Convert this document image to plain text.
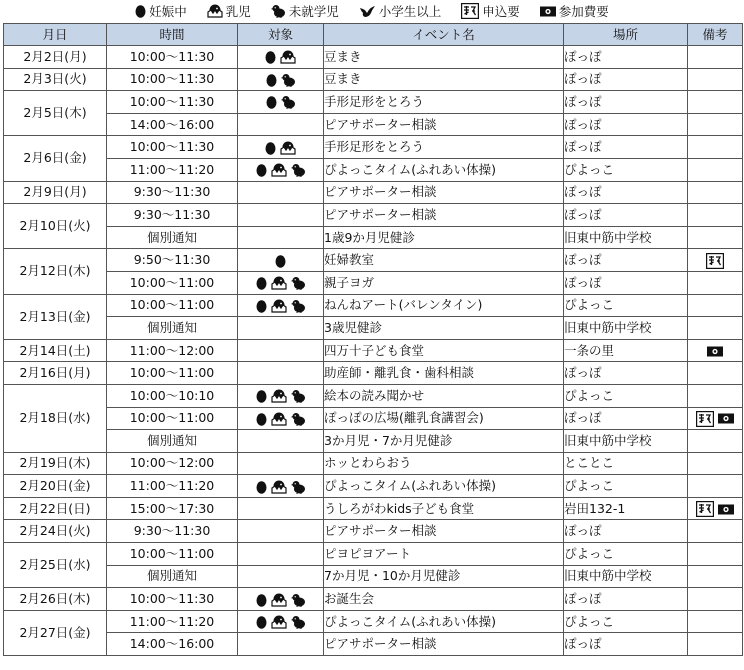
妊娠中	乳児	未就学児	小学生以上	申込要	参加費要
月日	時間	対象	イベント名	場所	備考
2月2日(月)	10:00～11:30		豆まき	ぽっぽ	
2月3日(火)	10:00～11:30		豆まき	ぽっぽ	
2月5日(木)	10:00～11:30		手形足形をとろう	ぽっぽ	
	14:00～16:00		ピアサポーター相談	ぽっぽ	
2月6日(金)	10:00～11:30		手形足形をとろう	ぽっぽ	
	11:00～11:20		ぴよっこタイム(ふれあい体操)	ぴよっこ	
2月9日(月)	9:30～11:30		ピアサポーター相談	ぽっぽ	
2月10日(火)	9:30～11:30		ピアサポーター相談	ぽっぽ	
	個別通知		1歳9か月児健診	旧東中筋中学校	
2月12日(木)	9:50～11:30		妊婦教室	ぽっぽ	

	10:00～11:00		親子ヨガ	ぽっぽ	
2月13日(金)	10:00～11:00		ねんねアート(バレンタイン)	ぴよっこ	
	個別通知		3歳児健診	旧東中筋中学校	
2月14日(土)	11:00～12:00		四万十子ども食堂	一条の里	

2月16日(月)	10:00～11:00		助産師・離乳食・歯科相談	ぽっぽ	
2月18日(水)	10:00～10:10		絵本の読み聞かせ	ぴよっこ	
	10:00～11:00		ぽっぽの広場(離乳食講習会)	ぽっぽ	

	個別通知		3か月児・7か月児健診	旧東中筋中学校	
2月19日(木)	10:00～12:00		ホッとわらおう	とことこ	
2月20日(金)	11:00～11:20		ぴよっこタイム(ふれあい体操)	ぴよっこ	
2月22日(日)	15:00～17:30		うしろがわkids子ども食堂	岩田132-1	

2月24日(火)	9:30～11:30		ピアサポーター相談	ぽっぽ	
2月25日(水)	10:00～11:00		ピヨピヨアート	ぴよっこ	
	個別通知		7か月児・10か月児健診	旧東中筋中学校	
2月26日(木)	10:00～11:30		お誕生会	ぽっぽ	
2月27日(金)	11:00～11:20		ぴよっこタイム(ふれあい体操)	ぴよっこ	
	14:00～16:00		ピアサポーター相談	ぽっぽ	
